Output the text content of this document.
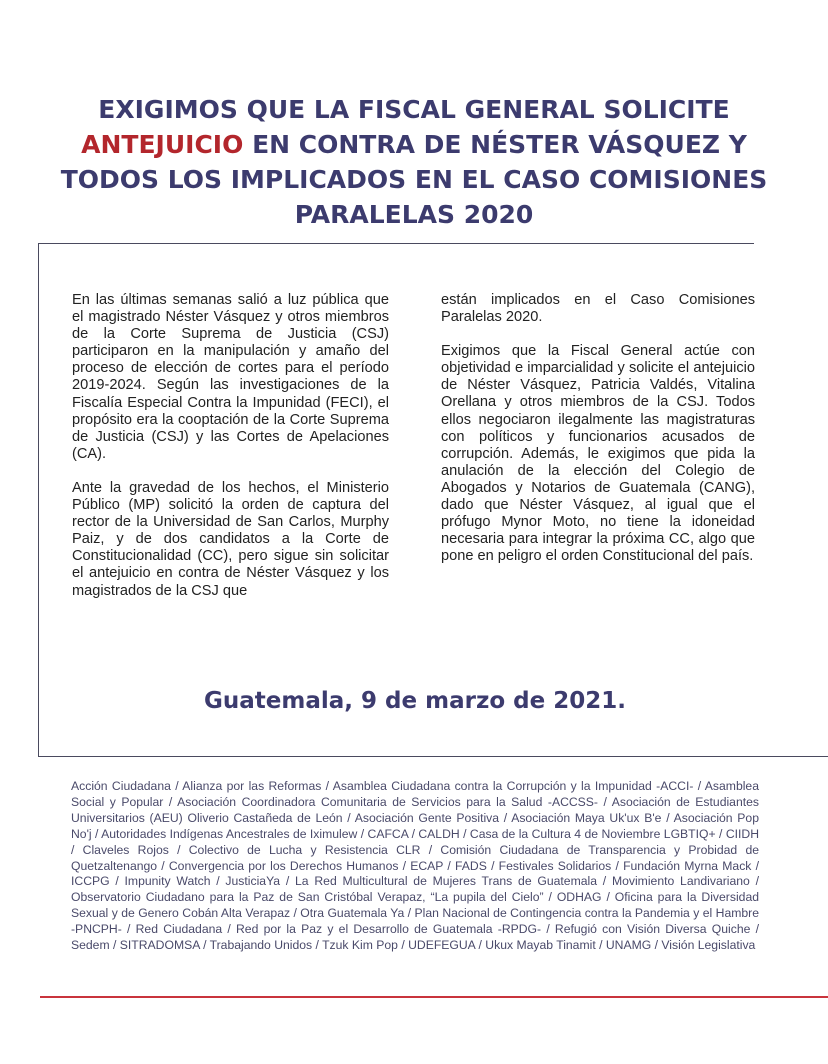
EXIGIMOS QUE LA FISCAL GENERAL SOLICITE
ANTEJUICIO EN CONTRA DE NÉSTER VÁSQUEZ Y
TODOS LOS IMPLICADOS EN EL CASO COMISIONES
PARALELAS 2020

En las últimas semanas salió a luz pública que el magistrado Néster Vásquez y otros miembros de la Corte Suprema de Justicia (CSJ) participaron en la manipulación y amaño del proceso de elección de cortes para el período 2019-2024. Según las investigaciones de la Fiscalía Especial Contra la Impunidad (FECI), el propósito era la cooptación de la Corte Suprema de Justicia (CSJ) y las Cortes de Apelaciones (CA).

Ante la gravedad de los hechos, el Ministerio Público (MP) solicitó la orden de captura del rector de la Universidad de San Carlos, Murphy Paiz, y de dos candidatos a la Corte de Constitucionalidad (CC), pero sigue sin solicitar el antejuicio en contra de Néster Vásquez y los magistrados de la CSJ que

están implicados en el Caso Comisiones Paralelas 2020.

Exigimos que la Fiscal General actúe con objetividad e imparcialidad y solicite el antejuicio de Néster Vásquez, Patricia Valdés, Vitalina Orellana y otros miembros de la CSJ. Todos ellos negociaron ilegalmente las magistraturas con políticos y funcionarios acusados de corrupción. Además, le exigimos que pida la anulación de la elección del Colegio de Abogados y Notarios de Guatemala (CANG), dado que Néster Vásquez, al igual que el prófugo Mynor Moto, no tiene la idoneidad necesaria para integrar la próxima CC, algo que pone en peligro el orden Constitucional del país.

Guatemala, 9 de marzo de 2021.
Acción Ciudadana / Alianza por las Reformas / Asamblea Ciudadana contra la Corrupción y la Impunidad -ACCI- / Asamblea Social y Popular / Asociación Coordinadora Comunitaria de Servicios para la Salud -ACCSS- / Asociación de Estudiantes Universitarios (AEU) Oliverio Castañeda de León / Asociación Gente Positiva / Asociación Maya Uk'ux B'e / Asociación Pop No'j / Autoridades Indígenas Ancestrales de Iximulew / CAFCA / CALDH / Casa de la Cultura 4 de Noviembre LGBTIQ+ / CIIDH / Claveles Rojos / Colectivo de Lucha y Resistencia CLR / Comisión Ciudadana de Transparencia y Probidad de Quetzaltenango / Convergencia por los Derechos Humanos / ECAP / FADS / Festivales Solidarios / Fundación Myrna Mack / ICCPG / Impunity Watch / JusticiaYa / La Red Multicultural de Mujeres Trans de Guatemala / Movimiento Landivariano / Observatorio Ciudadano para la Paz de San Cristóbal Verapaz, “La pupila del Cielo” / ODHAG / Oficina para la Diversidad Sexual y de Genero Cobán Alta Verapaz / Otra Guatemala Ya / Plan Nacional de Contingencia contra la Pandemia y el Hambre -PNCPH- / Red Ciudadana / Red por la Paz y el Desarrollo de Guatemala -RPDG- / Refugió con Visión Diversa Quiche / Sedem / SITRADOMSA / Trabajando Unidos / Tzuk Kim Pop / UDEFEGUA / Ukux Mayab Tinamit / UNAMG / Visión Legislativa
